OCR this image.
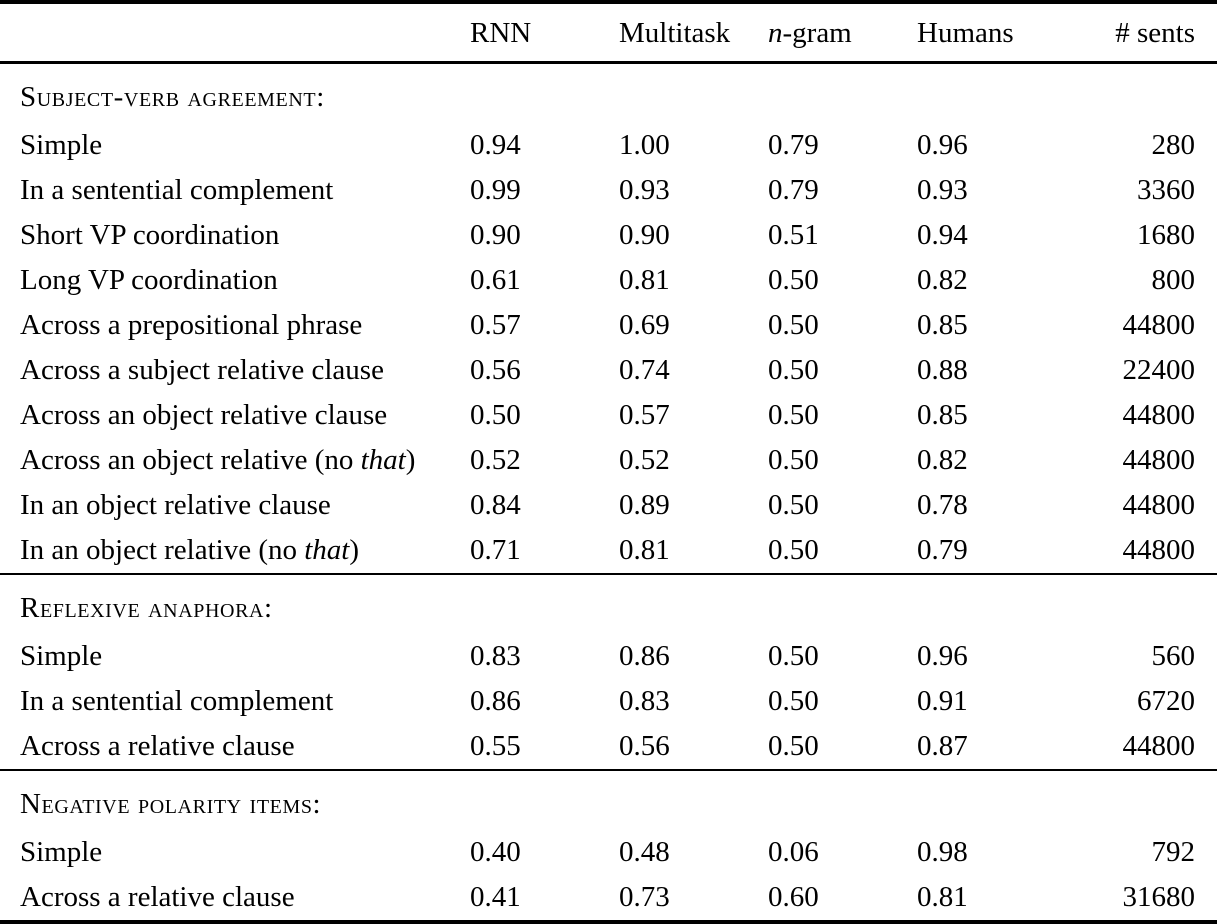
	RNN	Multitask	n-gram	Humans	# sents
Subject-verb agreement:					
Simple	0.94	1.00	0.79	0.96	280
In a sentential complement	0.99	0.93	0.79	0.93	3360
Short VP coordination	0.90	0.90	0.51	0.94	1680
Long VP coordination	0.61	0.81	0.50	0.82	800
Across a prepositional phrase	0.57	0.69	0.50	0.85	44800
Across a subject relative clause	0.56	0.74	0.50	0.88	22400
Across an object relative clause	0.50	0.57	0.50	0.85	44800
Across an object relative (no that)	0.52	0.52	0.50	0.82	44800
In an object relative clause	0.84	0.89	0.50	0.78	44800
In an object relative (no that)	0.71	0.81	0.50	0.79	44800
Reflexive anaphora:					
Simple	0.83	0.86	0.50	0.96	560
In a sentential complement	0.86	0.83	0.50	0.91	6720
Across a relative clause	0.55	0.56	0.50	0.87	44800
Negative polarity items:					
Simple	0.40	0.48	0.06	0.98	792
Across a relative clause	0.41	0.73	0.60	0.81	31680
